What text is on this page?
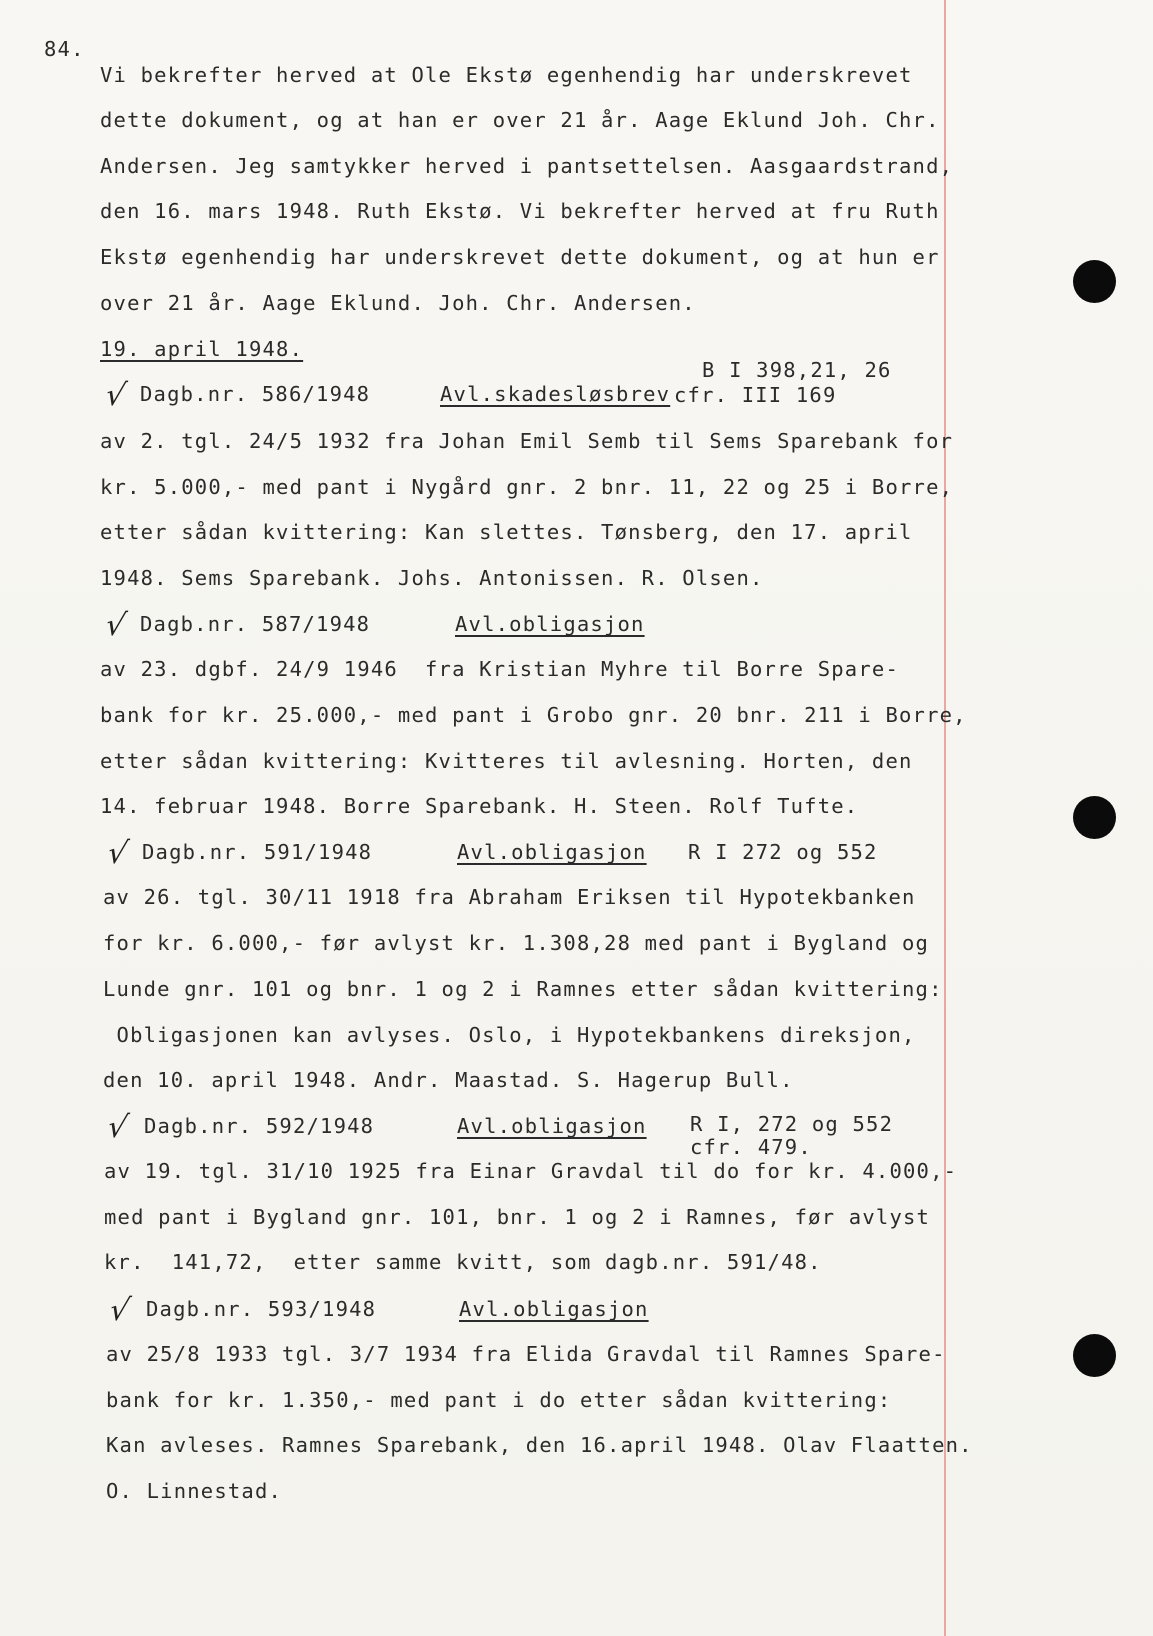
84.
Vi bekrefter herved at Ole Ekstø egenhendig har underskrevet
dette dokument, og at han er over 21 år. Aage Eklund Joh. Chr.
Andersen. Jeg samtykker herved i pantsettelsen. Aasgaardstrand,
den 16. mars 1948. Ruth Ekstø. Vi bekrefter herved at fru Ruth
Ekstø egenhendig har underskrevet dette dokument, og at hun er
over 21 år. Aage Eklund. Joh. Chr. Andersen.
19. april 1948.
√ Dagb.nr. 586/1948	Avl.skadesløsbrev
B I 398,21, 26
cfr. III 169
av 2. tgl. 24/5 1932 fra Johan Emil Semb til Sems Sparebank for
kr. 5.000,- med pant i Nygård gnr. 2 bnr. 11, 22 og 25 i Borre,
etter sådan kvittering: Kan slettes. Tønsberg, den 17. april
1948. Sems Sparebank. Johs. Antonissen. R. Olsen.
√ Dagb.nr. 587/1948	Avl.obligasjon
av 23. dgbf. 24/9 1946  fra Kristian Myhre til Borre Spare-
bank for kr. 25.000,- med pant i Grobo gnr. 20 bnr. 211 i Borre,
etter sådan kvittering: Kvitteres til avlesning. Horten, den
14. februar 1948. Borre Sparebank. H. Steen. Rolf Tufte.
√ Dagb.nr. 591/1948	Avl.obligasjon R I 272 og 552
av 26. tgl. 30/11 1918 fra Abraham Eriksen til Hypotekbanken
for kr. 6.000,- før avlyst kr. 1.308,28 med pant i Bygland og
Lunde gnr. 101 og bnr. 1 og 2 i Ramnes etter sådan kvittering:
Obligasjonen kan avlyses. Oslo, i Hypotekbankens direksjon,
den 10. april 1948. Andr. Maastad. S. Hagerup Bull.
√ Dagb.nr. 592/1948	Avl.obligasjon R I, 272 og 552
cfr. 479.
av 19. tgl. 31/10 1925 fra Einar Gravdal til do for kr. 4.000,-
med pant i Bygland gnr. 101, bnr. 1 og 2 i Ramnes, før avlyst
kr.  141,72,  etter samme kvitt, som dagb.nr. 591/48.
√ Dagb.nr. 593/1948	Avl.obligasjon
av 25/8 1933 tgl. 3/7 1934 fra Elida Gravdal til Ramnes Spare-
bank for kr. 1.350,- med pant i do etter sådan kvittering:
Kan avleses. Ramnes Sparebank, den 16.april 1948. Olav Flaatten.
O. Linnestad.
